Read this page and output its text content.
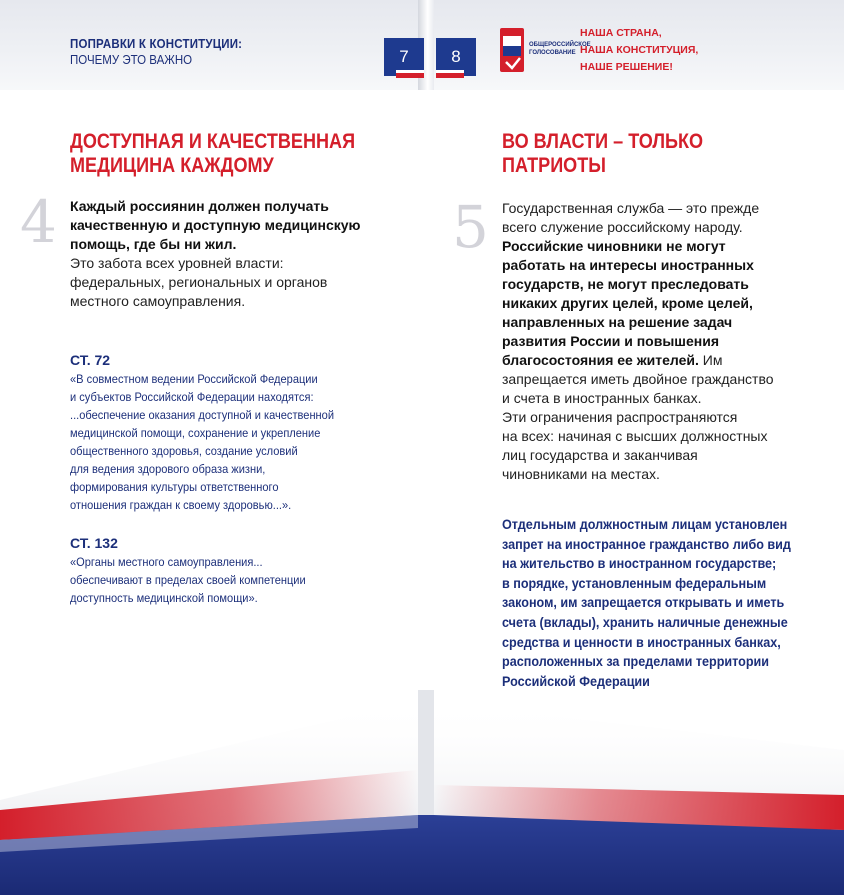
ПОПРАВКИ К КОНСТИТУЦИИ:
ПОЧЕМУ ЭТО ВАЖНО	7	8
ОБЩЕРОССИЙСКОЕ
ГОЛОСОВАНИЕ
НАША СТРАНА,
НАША КОНСТИТУЦИЯ,
НАШЕ РЕШЕНИЕ!
ДОСТУПНАЯ И КАЧЕСТВЕННАЯ
МЕДИЦИНА КАЖДОМУ
4 Каждый россиянин должен получать
качественную и доступную медицинскую
помощь, где бы ни жил.
Это забота всех уровней власти:
федеральных, региональных и органов
местного самоуправления.
СТ. 72
«В совместном ведении Российской Федерации
и субъектов Российской Федерации находятся:
...обеспечение оказания доступной и качественной
медицинской помощи, сохранение и укрепление
общественного здоровья, создание условий
для ведения здорового образа жизни,
формирования культуры ответственного
отношения граждан к своему здоровью...».
СТ. 132
«Органы местного самоуправления...
обеспечивают в пределах своей компетенции
доступность медицинской помощи».
ВО ВЛАСТИ – ТОЛЬКО
ПАТРИОТЫ
5 Государственная служба — это прежде
всего служение российскому народу.
Российские чиновники не могут
работать на интересы иностранных
государств, не могут преследовать
никаких других целей, кроме целей,
направленных на решение задач
развития России и повышения
благосостояния ее жителей. Им
запрещается иметь двойное гражданство
и счета в иностранных банках.
Эти ограничения распространяются
на всех: начиная с высших должностных
лиц государства и заканчивая
чиновниками на местах.
Отдельным должностным лицам установлен
запрет на иностранное гражданство либо вид
на жительство в иностранном государстве;
в порядке, установленным федеральным
законом, им запрещается открывать и иметь
счета (вклады), хранить наличные денежные
средства и ценности в иностранных банках,
расположенных за пределами территории
Российской Федерации
